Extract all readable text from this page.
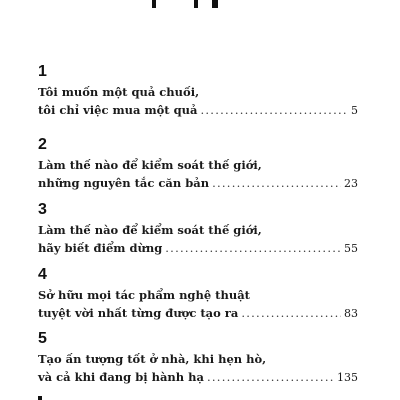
1
Tôi muốn một quả chuối,
tôi chỉ việc mua một quả . . .	5
2
Làm thế nào để kiểm soát thế giới,
những nguyên tắc căn bản . . .	23
3
Làm thế nào để kiểm soát thế giới,
hãy biết điểm dừng . . .	55
4
Sở hữu mọi tác phẩm nghệ thuật
tuyệt vời nhất từng được tạo ra . . .	83
5
Tạo ấn tượng tốt ở nhà, khi hẹn hò,
và cả khi đang bị hành hạ . . .	135
